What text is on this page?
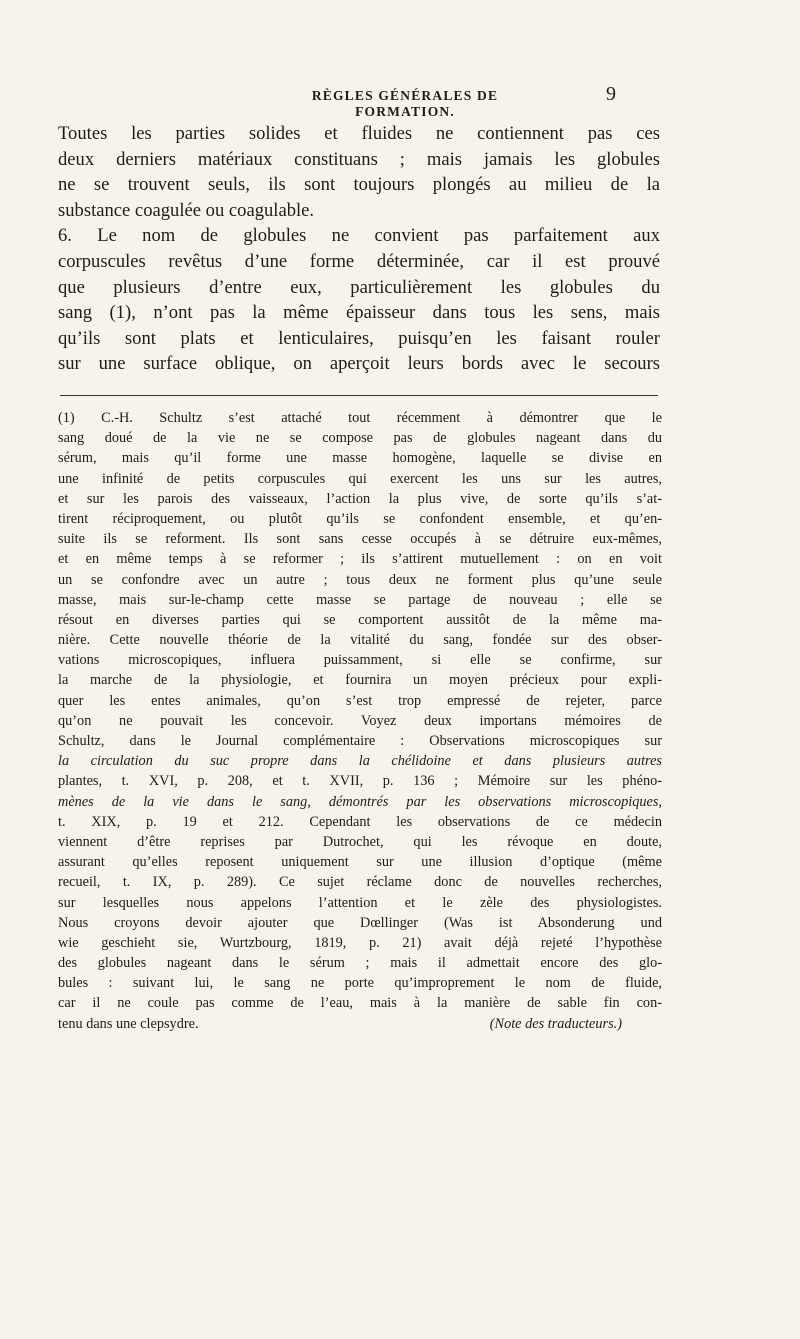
RÈGLES GÉNÉRALES DE FORMATION.
9
Toutes les parties solides et fluides ne contiennent pas ces
deux derniers matériaux constituans ; mais jamais les globules
ne se trouvent seuls, ils sont toujours plongés au milieu de la
substance coagulée ou coagulable.
6. Le nom de globules ne convient pas parfaitement aux
corpuscules revêtus d’une forme déterminée, car il est prouvé
que plusieurs d’entre eux, particulièrement les globules du
sang (1), n’ont pas la même épaisseur dans tous les sens, mais
qu’ils sont plats et lenticulaires, puisqu’en les faisant rouler
sur une surface oblique, on aperçoit leurs bords avec le secours
(1) C.-H. Schultz s’est attaché tout récemment à démontrer que le
sang doué de la vie ne se compose pas de globules nageant dans du
sérum, mais qu’il forme une masse homogène, laquelle se divise en
une infinité de petits corpuscules qui exercent les uns sur les autres,
et sur les parois des vaisseaux, l’action la plus vive, de sorte qu’ils s’at-
tirent réciproquement, ou plutôt qu’ils se confondent ensemble, et qu’en-
suite ils se reforment. Ils sont sans cesse occupés à se détruire eux-mêmes,
et en même temps à se reformer ; ils s’attirent mutuellement : on en voit
un se confondre avec un autre ; tous deux ne forment plus qu’une seule
masse, mais sur-le-champ cette masse se partage de nouveau ; elle se
résout en diverses parties qui se comportent aussitôt de la même ma-
nière. Cette nouvelle théorie de la vitalité du sang, fondée sur des obser-
vations microscopiques, influera puissamment, si elle se confirme, sur
la marche de la physiologie, et fournira un moyen précieux pour expli-
quer les entes animales, qu’on s’est trop empressé de rejeter, parce
qu’on ne pouvait les concevoir. Voyez deux importans mémoires de
Schultz, dans le Journal complémentaire : Observations microscopiques sur
la circulation du suc propre dans la chélidoine et dans plusieurs autres
plantes, t. XVI, p. 208, et t. XVII, p. 136 ; Mémoire sur les phéno-
mènes de la vie dans le sang, démontrés par les observations microscopiques,
t. XIX, p. 19 et 212. Cependant les observations de ce médecin
viennent d’être reprises par Dutrochet, qui les révoque en doute,
assurant qu’elles reposent uniquement sur une illusion d’optique (même
recueil, t. IX, p. 289). Ce sujet réclame donc de nouvelles recherches,
sur lesquelles nous appelons l’attention et le zèle des physiologistes.
Nous croyons devoir ajouter que Dœllinger (Was ist Absonderung und
wie geschieht sie, Wurtzbourg, 1819, p. 21) avait déjà rejeté l’hypothèse
des globules nageant dans le sérum ; mais il admettait encore des glo-
bules : suivant lui, le sang ne porte qu’improprement le nom de fluide,
car il ne coule pas comme de l’eau, mais à la manière de sable fin con-
tenu dans une clepsydre.	(Note des traducteurs.)
